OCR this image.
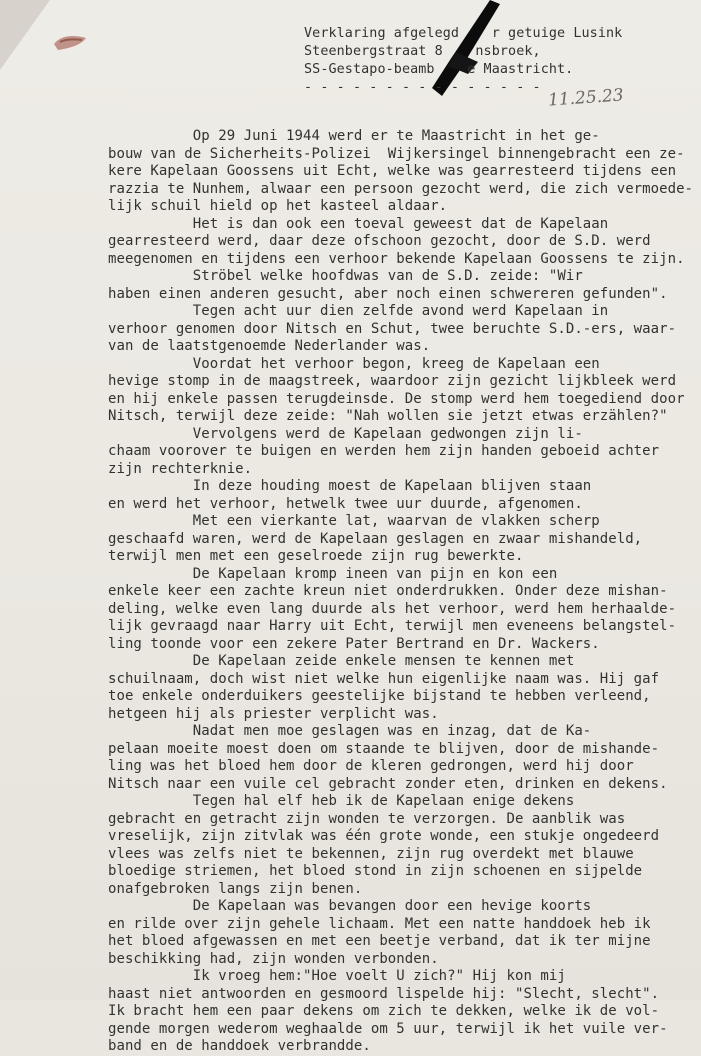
Verklaring afgelegd    r getuige Lusink
Steenbergstraat 8    nsbroek,
SS-Gestapo-beamb    e Maastricht.
- - - - - - - - - - - - - - - 11.25.23
Op 29 Juni 1944 werd er te Maastricht in het ge-
bouw van de Sicherheits-Polizei  Wijkersingel binnengebracht een ze-
kere Kapelaan Goossens uit Echt, welke was gearresteerd tijdens een
razzia te Nunhem, alwaar een persoon gezocht werd, die zich vermoede-
lijk schuil hield op het kasteel aldaar.
Het is dan ook een toeval geweest dat de Kapelaan
gearresteerd werd, daar deze ofschoon gezocht, door de S.D. werd
meegenomen en tijdens een verhoor bekende Kapelaan Goossens te zijn.
Ströbel welke hoofdwas van de S.D. zeide: "Wir
haben einen anderen gesucht, aber noch einen schwereren gefunden".
Tegen acht uur dien zelfde avond werd Kapelaan in
verhoor genomen door Nitsch en Schut, twee beruchte S.D.-ers, waar-
van de laatstgenoemde Nederlander was.
Voordat het verhoor begon, kreeg de Kapelaan een
hevige stomp in de maagstreek, waardoor zijn gezicht lijkbleek werd
en hij enkele passen terugdeinsde. De stomp werd hem toegediend door
Nitsch, terwijl deze zeide: "Nah wollen sie jetzt etwas erzählen?"
Vervolgens werd de Kapelaan gedwongen zijn li-
chaam voorover te buigen en werden hem zijn handen geboeid achter
zijn rechterknie.
In deze houding moest de Kapelaan blijven staan
en werd het verhoor, hetwelk twee uur duurde, afgenomen.
Met een vierkante lat, waarvan de vlakken scherp
geschaafd waren, werd de Kapelaan geslagen en zwaar mishandeld,
terwijl men met een geselroede zijn rug bewerkte.
De Kapelaan kromp ineen van pijn en kon een
enkele keer een zachte kreun niet onderdrukken. Onder deze mishan-
deling, welke even lang duurde als het verhoor, werd hem herhaalde-
lijk gevraagd naar Harry uit Echt, terwijl men eveneens belangstel-
ling toonde voor een zekere Pater Bertrand en Dr. Wackers.
De Kapelaan zeide enkele mensen te kennen met
schuilnaam, doch wist niet welke hun eigenlijke naam was. Hij gaf
toe enkele onderduikers geestelijke bijstand te hebben verleend,
hetgeen hij als priester verplicht was.
Nadat men moe geslagen was en inzag, dat de Ka-
pelaan moeite moest doen om staande te blijven, door de mishande-
ling was het bloed hem door de kleren gedrongen, werd hij door
Nitsch naar een vuile cel gebracht zonder eten, drinken en dekens.
Tegen hal elf heb ik de Kapelaan enige dekens
gebracht en getracht zijn wonden te verzorgen. De aanblik was
vreselijk, zijn zitvlak was één grote wonde, een stukje ongedeerd
vlees was zelfs niet te bekennen, zijn rug overdekt met blauwe
bloedige striemen, het bloed stond in zijn schoenen en sijpelde
onafgebroken langs zijn benen.
De Kapelaan was bevangen door een hevige koorts
en rilde over zijn gehele lichaam. Met een natte handdoek heb ik
het bloed afgewassen en met een beetje verband, dat ik ter mijne
beschikking had, zijn wonden verbonden.
Ik vroeg hem:"Hoe voelt U zich?" Hij kon mij
haast niet antwoorden en gesmoord lispelde hij: "Slecht, slecht".
Ik bracht hem een paar dekens om zich te dekken, welke ik de vol-
gende morgen wederom weghaalde om 5 uur, terwijl ik het vuile ver-
band en de handdoek verbrandde.
